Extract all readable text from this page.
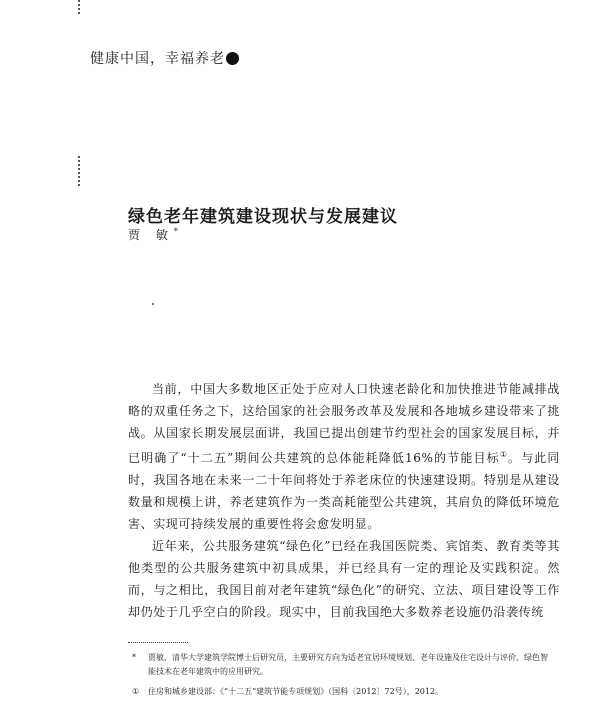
健康中国，幸福养老
绿色老年建筑建设现状与发展建议
贾 敏*

当前，中国大多数地区正处于应对人口快速老龄化和加快推进节能减排战略的双重任务之下，这给国家的社会服务改革及发展和各地城乡建设带来了挑战。从国家长期发展层面讲，我国已提出创建节约型社会的国家发展目标，并已明确了“十二五”期间公共建筑的总体能耗降低16%的节能目标①。与此同时，我国各地在未来一二十年间将处于养老床位的快速建设期。特别是从建设数量和规模上讲，养老建筑作为一类高耗能型公共建筑，其肩负的降低环境危害、实现可持续发展的重要性将会愈发明显。

近年来，公共服务建筑“绿色化”已经在我国医院类、宾馆类、教育类等其他类型的公共服务建筑中初具成果，并已经具有一定的理论及实践积淀。然而，与之相比，我国目前对老年建筑“绿色化”的研究、立法、项目建设等工作却仍处于几乎空白的阶段。现实中，目前我国绝大多数养老设施仍沿袭传统

* 贾敏，清华大学建筑学院博士后研究员，主要研究方向为适老宜居环境规划、老年设施及住宅设计与评价、绿色智能技术在老年建筑中的应用研究。
① 住房和城乡建设部：《“十二五”建筑节能专项规划》（国科〔2012〕72号），2012。
